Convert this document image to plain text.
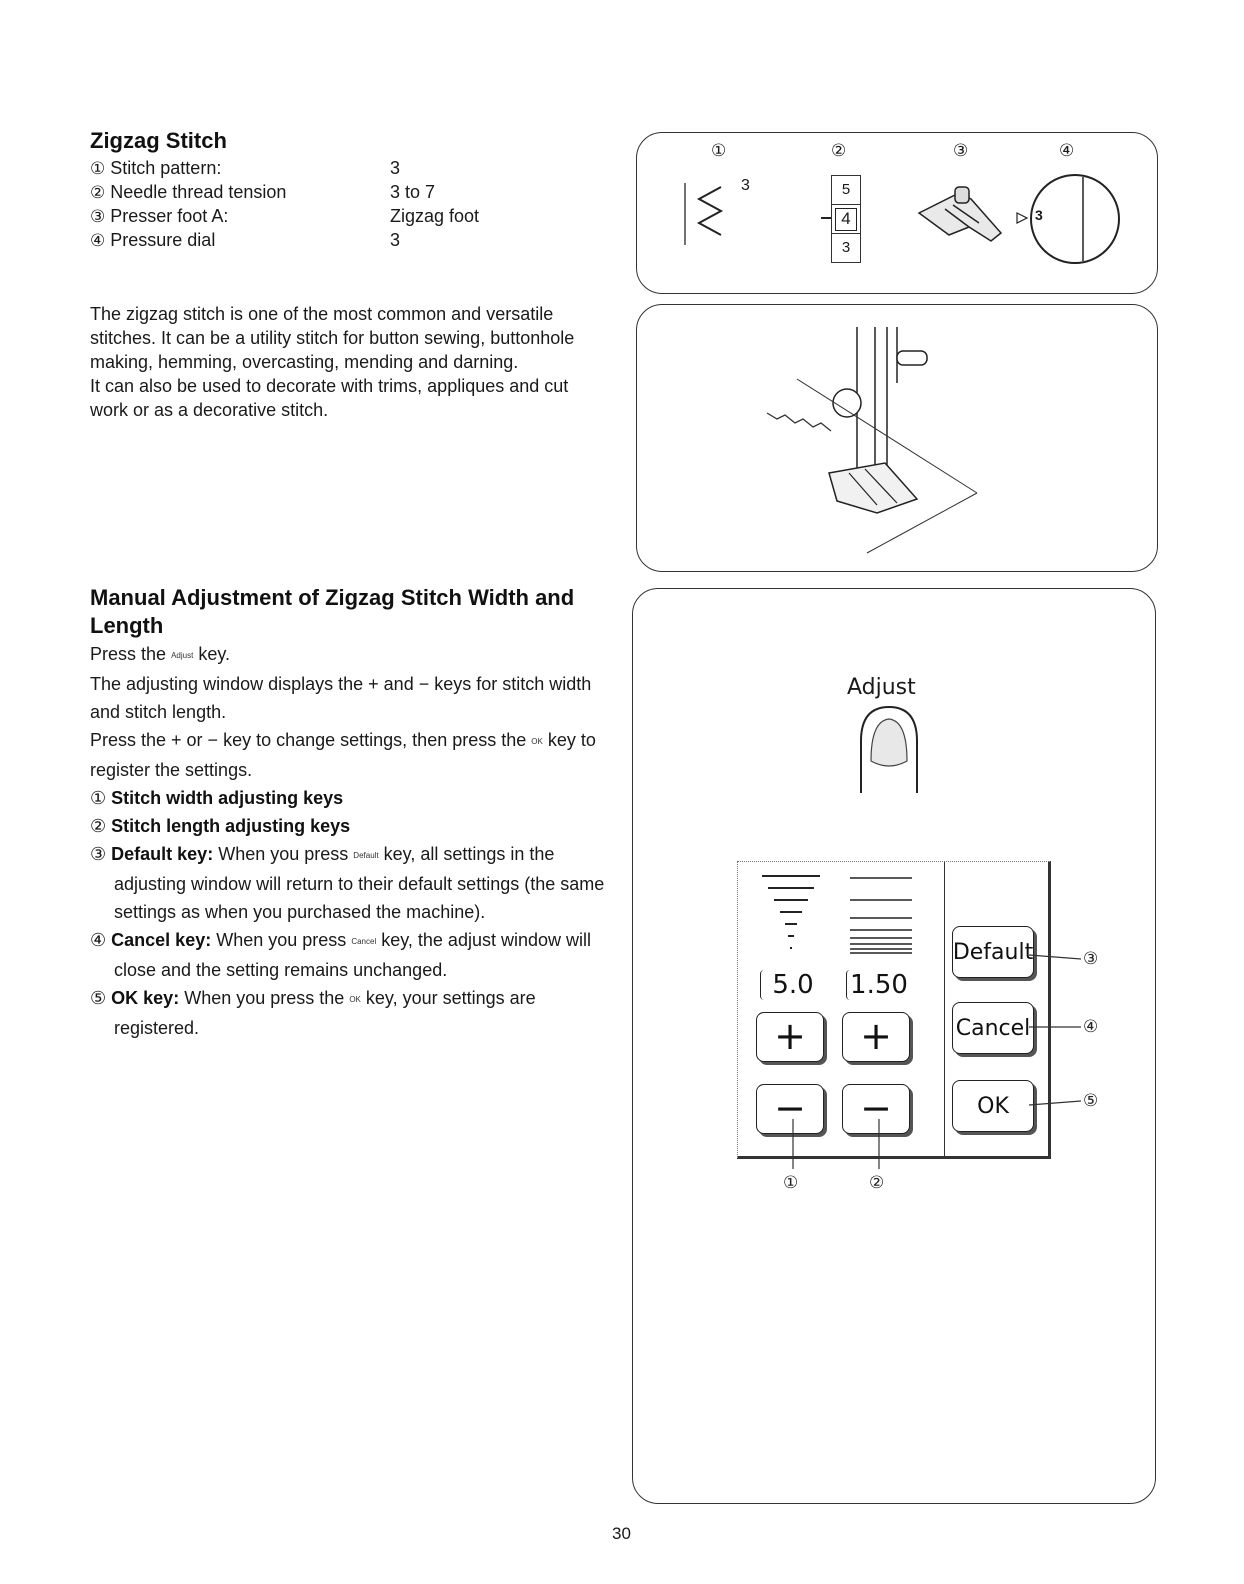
Zigzag Stitch
① Stitch pattern:	3
② Needle thread tension	3 to 7
③ Presser foot A:	Zigzag foot
④ Pressure dial	3

The zigzag stitch is one of the most common and versatile stitches. It can be a utility stitch for button sewing, buttonhole making, hemming, overcasting, mending and darning.

It can also be used to decorate with trims, appliques and cut work or as a decorative stitch.

Manual Adjustment of Zigzag Stitch Width and Length

Press the Adjust key.

The adjusting window displays the + and − keys for stitch width and stitch length.

Press the + or − key to change settings, then press the OK key to register the settings.

① Stitch width adjusting keys

② Stitch length adjusting keys

③ Default key: When you press Default key, all settings in the adjusting window will return to their default settings (the same settings as when you purchased the machine).

④ Cancel key: When you press Cancel key, the adjust window will close and the setting remains unchanged.

⑤ OK key: When you press the OK key, your settings are registered.

①	②	③	④
3	5
4
3
3
Adjust
5.0	1.50
+	+
−	−
Default
Cancel
OK
①	②
③
④
⑤
30
